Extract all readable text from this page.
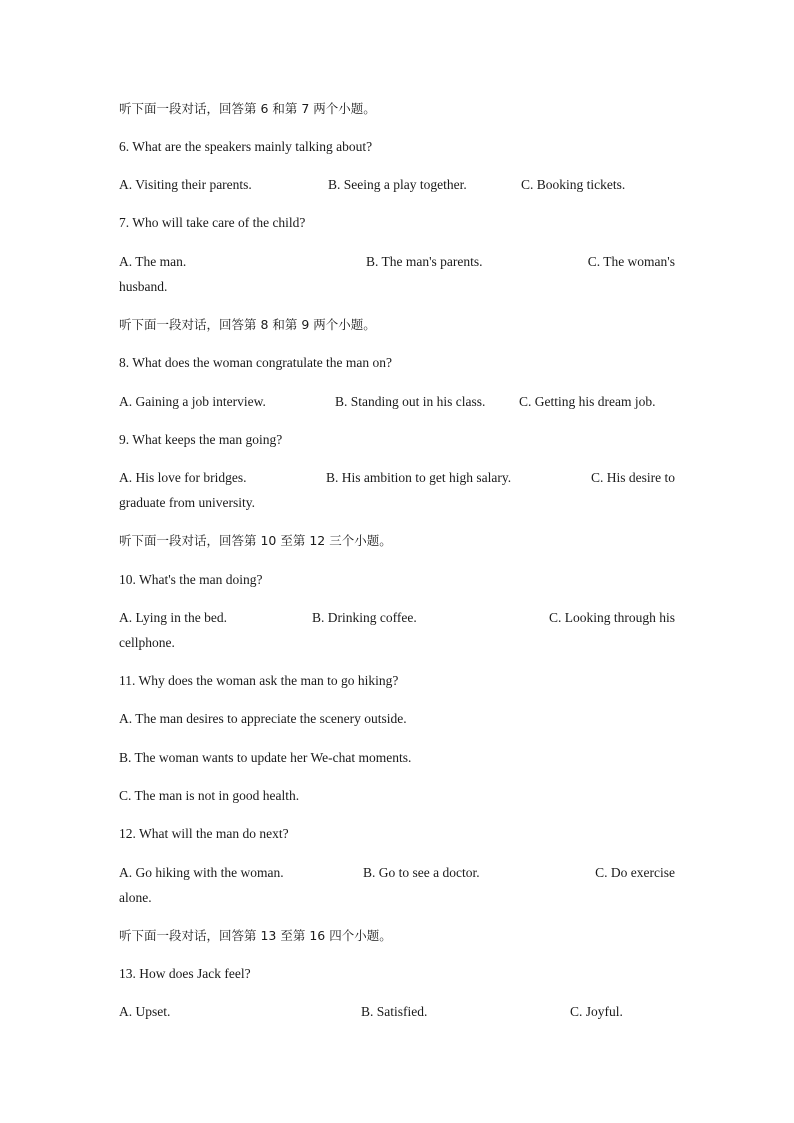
听下面一段对话，回答第 6 和第 7 两个小题。
6. What are the speakers mainly talking about?
A. Visiting their parents.	B. Seeing a play together.	C. Booking tickets.
7. Who will take care of the child?
A. The man.	B. The man's parents.	C. The woman's
husband.
听下面一段对话，回答第 8 和第 9 两个小题。
8. What does the woman congratulate the man on?
A. Gaining a job interview.	B. Standing out in his class. C. Getting his dream job.
9. What keeps the man going?
A. His love for bridges.	B. His ambition to get high salary.	C. His desire to
graduate from university.
听下面一段对话，回答第 10 至第 12 三个小题。
10. What's the man doing?
A. Lying in the bed.	B. Drinking coffee.	C. Looking through his
cellphone.
11. Why does the woman ask the man to go hiking?
A. The man desires to appreciate the scenery outside.
B. The woman wants to update her We-chat moments.
C. The man is not in good health.
12. What will the man do next?
A. Go hiking with the woman.	B. Go to see a doctor.	C. Do exercise
alone.
听下面一段对话，回答第 13 至第 16 四个小题。
13. How does Jack feel?
A. Upset.	B. Satisfied.	C. Joyful.
